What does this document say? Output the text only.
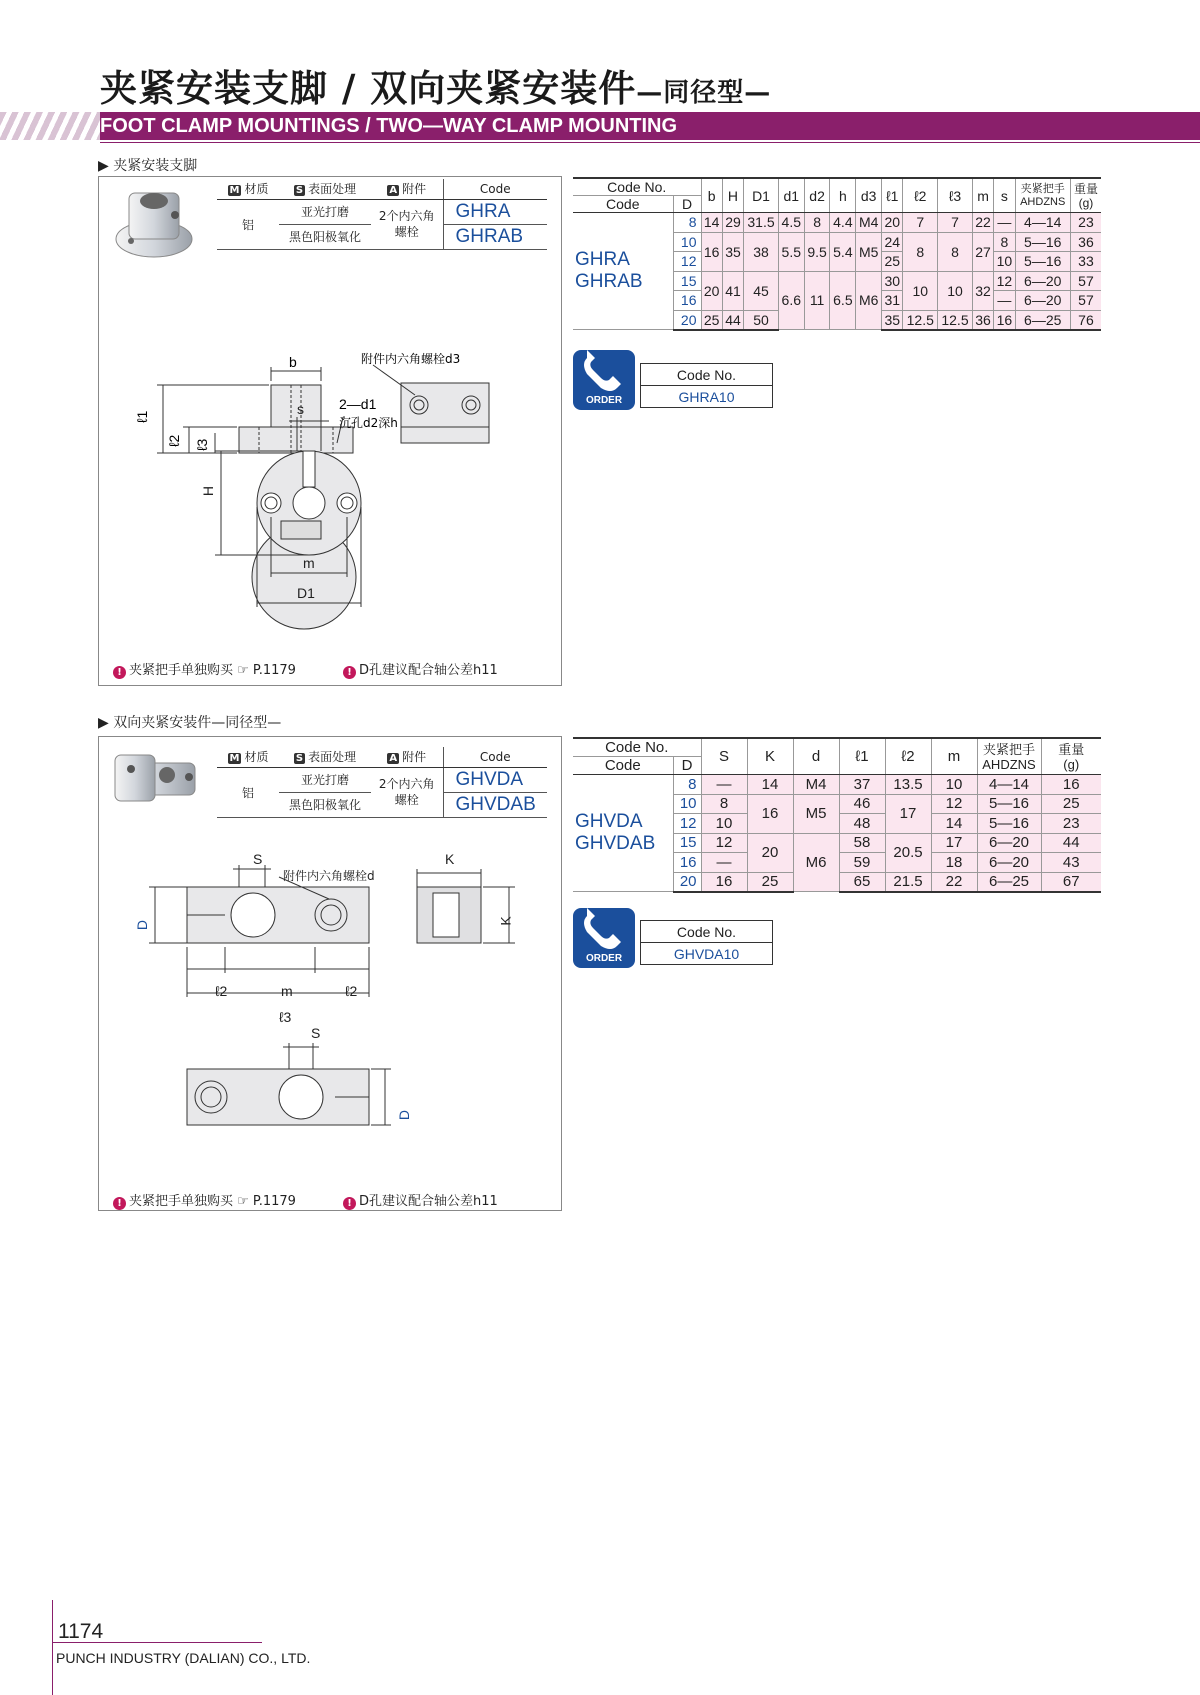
夹紧安装支脚 / 双向夹紧安装件—同径型—
FOOT CLAMP MOUNTINGS / TWO—WAY CLAMP MOUNTING
▶ 夹紧安装支脚
M 材质	S 表面处理	A 附件	Code
铝	亚光打磨	2个内六角螺栓	GHRA
	黑色阳极氧化		GHRAB
b
ℓ1
ℓ2 ℓ3
2—d1
沉孔d2深h
附件内六角螺栓d3
s
H
m
D1
! 夹紧把手单独购买 ☞ P.1179	! D孔建议配合轴公差h11
Code No.		b	H	D1	d1	d2	h	d3	ℓ1	ℓ2	ℓ3	m	s	夹紧把手
AHDZNS	重量
(g)
Code	D														
GHRA
GHRAB	8	14	29	31.5	4.5	8	4.4	M4	20	7	7	22	—	4—14	23
	10	16	35	38	5.5	9.5	5.4	M5	24	8	8	27	8	5—16	36
	12								25				10	5—16	33
	15	20	41	45	6.6	11	6.5	M6	30	10	10	32	12	6—20	57
	16								31				—	6—20	57
	20	25	44	50					35	12.5	12.5	36	16	6—25	76
ORDER
Code No.
GHRA10
▶ 双向夹紧安装件—同径型—
M 材质	S 表面处理	A 附件	Code
铝	亚光打磨	2个内六角螺栓	GHVDA
	黑色阳极氧化		GHVDAB
S
附件内六角螺栓d
K
K
D
ℓ2	m	ℓ2
ℓ3
S
D
! 夹紧把手单独购买 ☞ P.1179	! D孔建议配合轴公差h11
Code No.		S	K	d	ℓ1	ℓ2	m	夹紧把手
AHDZNS	重量
(g)
Code	D								
GHVDA
GHVDAB	8	—	14	M4	37	13.5	10	4—14	16
	10	8	16	M5	46	17	12	5—16	25
	12	10			48		14	5—16	23
	15	12	20	M6	58	20.5	17	6—20	44
	16	—			59		18	6—20	43
	20	16	25		65	21.5	22	6—25	67
ORDER
Code No.
GHVDA10
1174
PUNCH INDUSTRY (DALIAN) CO., LTD.
